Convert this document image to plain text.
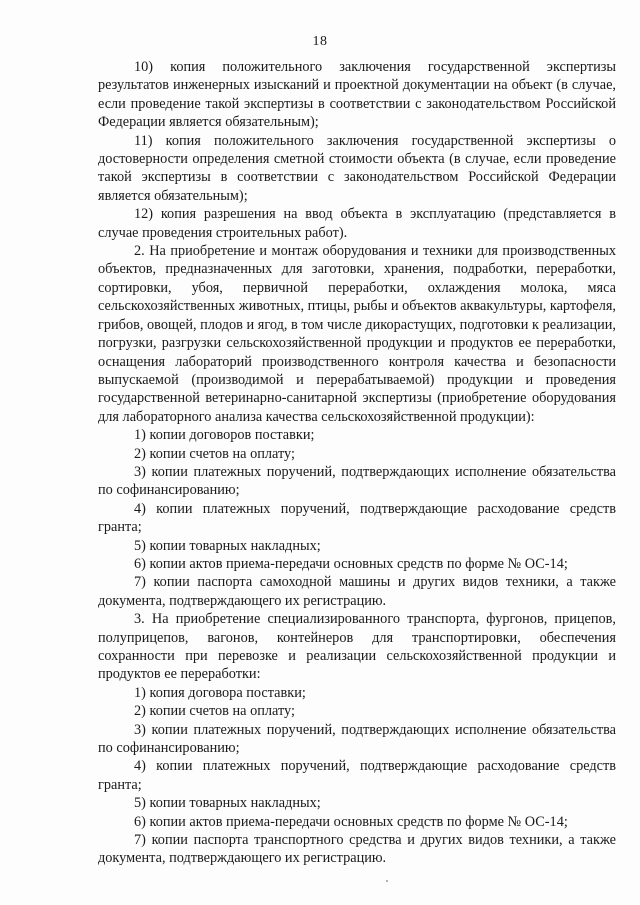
18

10) копия положительного заключения государственной экспертизы результатов инженерных изысканий и проектной документации на объект (в случае, если проведение такой экспертизы в соответствии с законодательством Российской Федерации является обязательным);

11) копия положительного заключения государственной экспертизы о достоверности определения сметной стоимости объекта (в случае, если проведение такой экспертизы в соответствии с законодательством Российской Федерации является обязательным);

12) копия разрешения на ввод объекта в эксплуатацию (представляется в случае проведения строительных работ).

2. На приобретение и монтаж оборудования и техники для производственных объектов, предназначенных для заготовки, хранения, подработки, переработки, сортировки, убоя, первичной переработки, охлаждения молока, мяса сельскохозяйственных животных, птицы, рыбы и объектов аквакультуры, картофеля, грибов, овощей, плодов и ягод, в том числе дикорастущих, подготовки к реализации, погрузки, разгрузки сельскохозяйственной продукции и продуктов ее переработки, оснащения лабораторий производственного контроля качества и безопасности выпускаемой (производимой и перерабатываемой) продукции и проведения государственной ветеринарно-санитарной экспертизы (приобретение оборудования для лабораторного анализа качества сельскохозяйственной продукции):

1) копии договоров поставки;

2) копии счетов на оплату;

3) копии платежных поручений, подтверждающих исполнение обязательства по софинансированию;

4) копии платежных поручений, подтверждающие расходование средств гранта;

5) копии товарных накладных;

6) копии актов приема-передачи основных средств по форме № ОС-14;

7) копии паспорта самоходной машины и других видов техники, а также документа, подтверждающего их регистрацию.

3. На приобретение специализированного транспорта, фургонов, прицепов, полуприцепов, вагонов, контейнеров для транспортировки, обеспечения сохранности при перевозке и реализации сельскохозяйственной продукции и продуктов ее переработки:

1) копия договора поставки;

2) копии счетов на оплату;

3) копии платежных поручений, подтверждающих исполнение обязательства по софинансированию;

4) копии платежных поручений, подтверждающие расходование средств гранта;

5) копии товарных накладных;

6) копии актов приема-передачи основных средств по форме № ОС-14;

7) копии паспорта транспортного средства и других видов техники, а также документа, подтверждающего их регистрацию.
